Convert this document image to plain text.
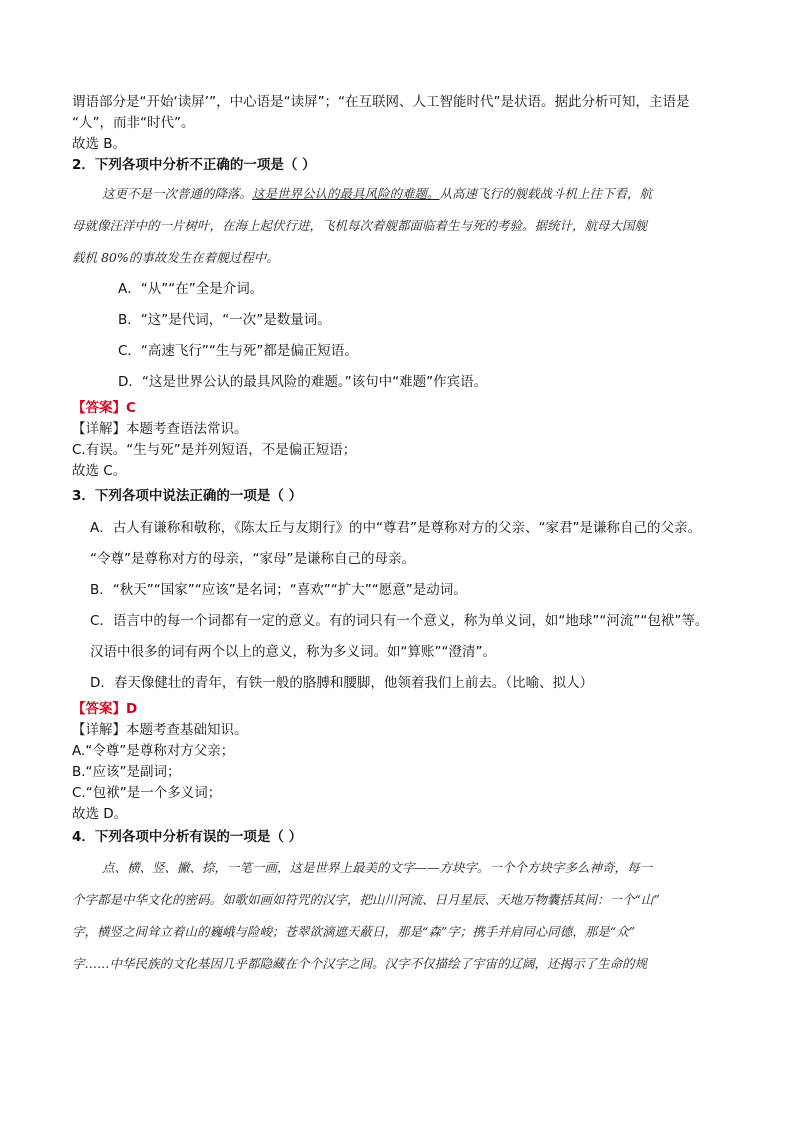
谓语部分是“开始‘读屏’”，中心语是“读屏”；“在互联网、人工智能时代”是状语。据此分析可知，主语是
“人”，而非“时代”。
故选 B。
2．下列各项中分析不正确的一项是（ ）
这更不是一次普通的降落。这是世界公认的最具风险的难题。从高速飞行的舰载战斗机上往下看，航
母就像汪洋中的一片树叶，在海上起伏行进，飞机每次着舰都面临着生与死的考验。据统计，航母大国舰
载机 80%的事故发生在着舰过程中。
A．“从”“在”全是介词。
B．“这”是代词，“一次”是数量词。
C．“高速飞行”“生与死”都是偏正短语。
D．“这是世界公认的最具风险的难题。”该句中“难题”作宾语。
【答案】C
【详解】本题考查语法常识。
C.有误。“生与死”是并列短语，不是偏正短语；
故选 C。
3．下列各项中说法正确的一项是（ ）
A．古人有谦称和敬称，《陈太丘与友期行》的中“尊君”是尊称对方的父亲、“家君”是谦称自己的父亲。
“令尊”是尊称对方的母亲，“家母”是谦称自己的母亲。
B．“秋天”“国家”“应该”是名词；“喜欢”“扩大”“愿意”是动词。
C．语言中的每一个词都有一定的意义。有的词只有一个意义，称为单义词，如“地球”“河流”“包袱”等。
汉语中很多的词有两个以上的意义，称为多义词。如“算账”“澄清”。
D．春天像健壮的青年，有铁一般的胳膊和腰脚，他领着我们上前去。（比喻、拟人）
【答案】D
【详解】本题考查基础知识。
A.“令尊”是尊称对方父亲；
B.“应该”是副词；
C.“包袱”是一个多义词；
故选 D。
4．下列各项中分析有误的一项是（ ）
点、横、竖、撇、捺，一笔一画，这是世界上最美的文字——方块字。一个个方块字多么神奇，每一
个字都是中华文化的密码。如歌如画如符咒的汉字，把山川河流、日月星辰、天地万物囊括其间：一个“山”
字，横竖之间耸立着山的巍峨与险峻；苍翠欲滴遮天蔽日，那是“森”字；携手并肩同心同德，那是“众”
字……中华民族的文化基因几乎都隐藏在个个汉字之间。汉字不仅描绘了宇宙的辽阔，还揭示了生命的规
